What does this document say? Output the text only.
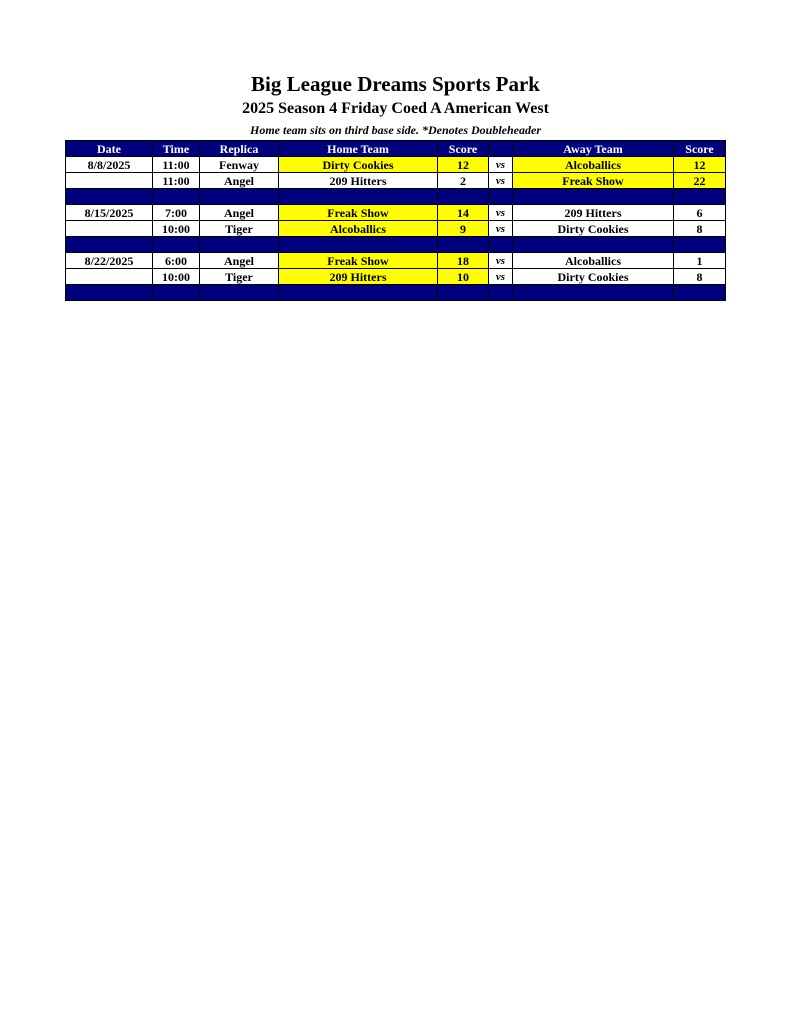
Big League Dreams Sports Park
2025 Season 4 Friday Coed A American West
Home team sits on third base side. *Denotes Doubleheader
Date	Time	Replica	Home Team	Score		Away Team	Score
8/8/2025	11:00	Fenway	Dirty Cookies	12	vs	Alcoballics	12
	11:00	Angel	209 Hitters	2	vs	Freak Show	22

8/15/2025	7:00	Angel	Freak Show	14	vs	209 Hitters	6
	10:00	Tiger	Alcoballics	9	vs	Dirty Cookies	8

8/22/2025	6:00	Angel	Freak Show	18	vs	Alcoballics	1
	10:00	Tiger	209 Hitters	10	vs	Dirty Cookies	8
